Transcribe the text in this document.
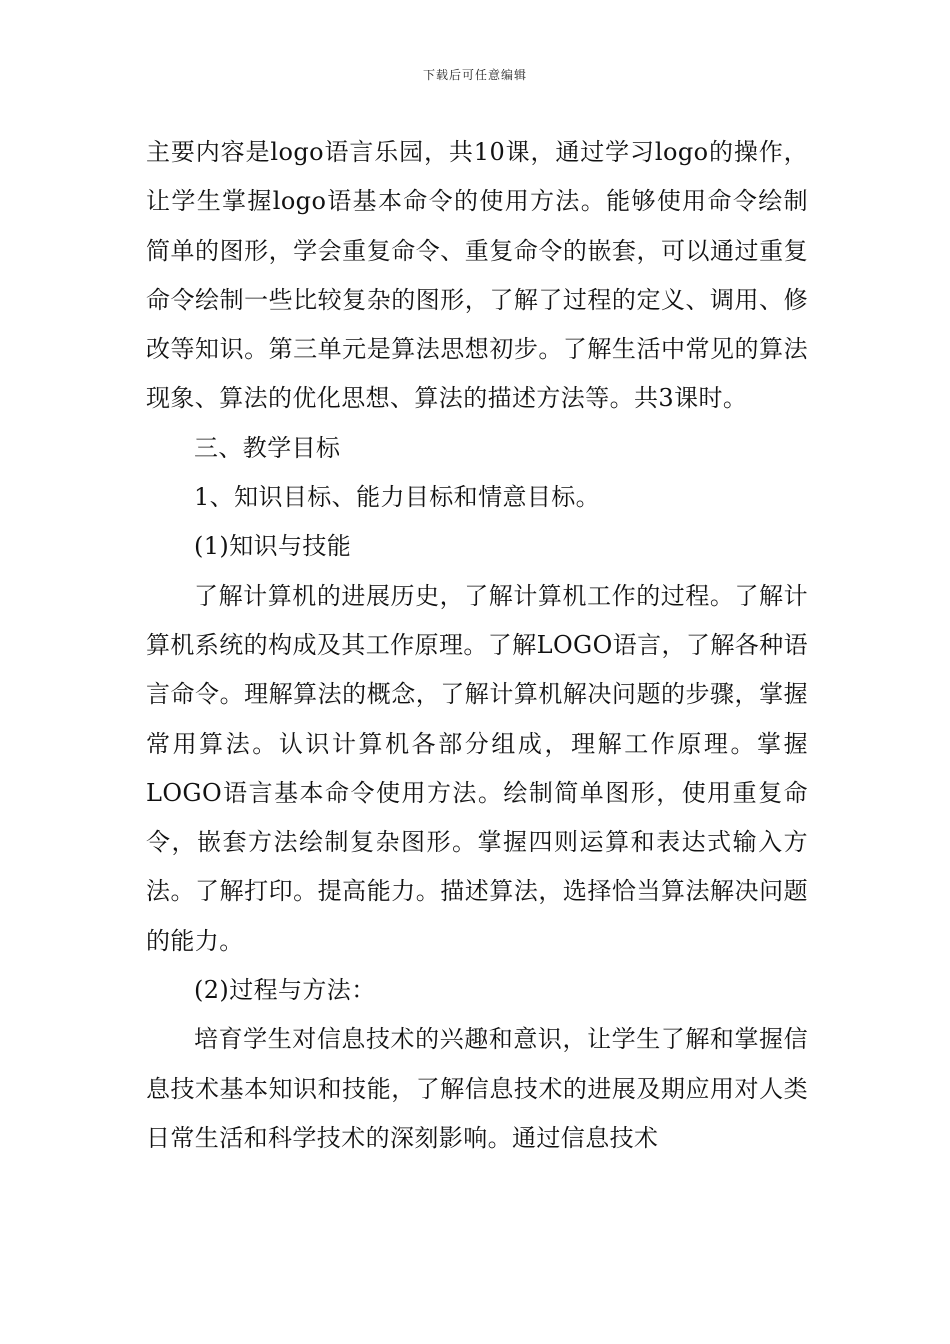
下载后可任意编辑

主要内容是logo语言乐园，共10课，通过学习logo的操作，让学生掌握logo语基本命令的使用方法。能够使用命令绘制简单的图形，学会重复命令、重复命令的嵌套，可以通过重复命令绘制一些比较复杂的图形，了解了过程的定义、调用、修改等知识。第三单元是算法思想初步。了解生活中常见的算法现象、算法的优化思想、算法的描述方法等。共3课时。

三、教学目标

1、知识目标、能力目标和情意目标。

(1)知识与技能

了解计算机的进展历史，了解计算机工作的过程。了解计算机系统的构成及其工作原理。了解LOGO语言，了解各种语言命令。理解算法的概念，了解计算机解决问题的步骤，掌握常用算法。认识计算机各部分组成，理解工作原理。掌握LOGO语言基本命令使用方法。绘制简单图形，使用重复命令，嵌套方法绘制复杂图形。掌握四则运算和表达式输入方法。了解打印。提高能力。描述算法，选择恰当算法解决问题的能力。

(2)过程与方法：

培育学生对信息技术的兴趣和意识，让学生了解和掌握信息技术基本知识和技能，了解信息技术的进展及期应用对人类日常生活和科学技术的深刻影响。通过信息技术
